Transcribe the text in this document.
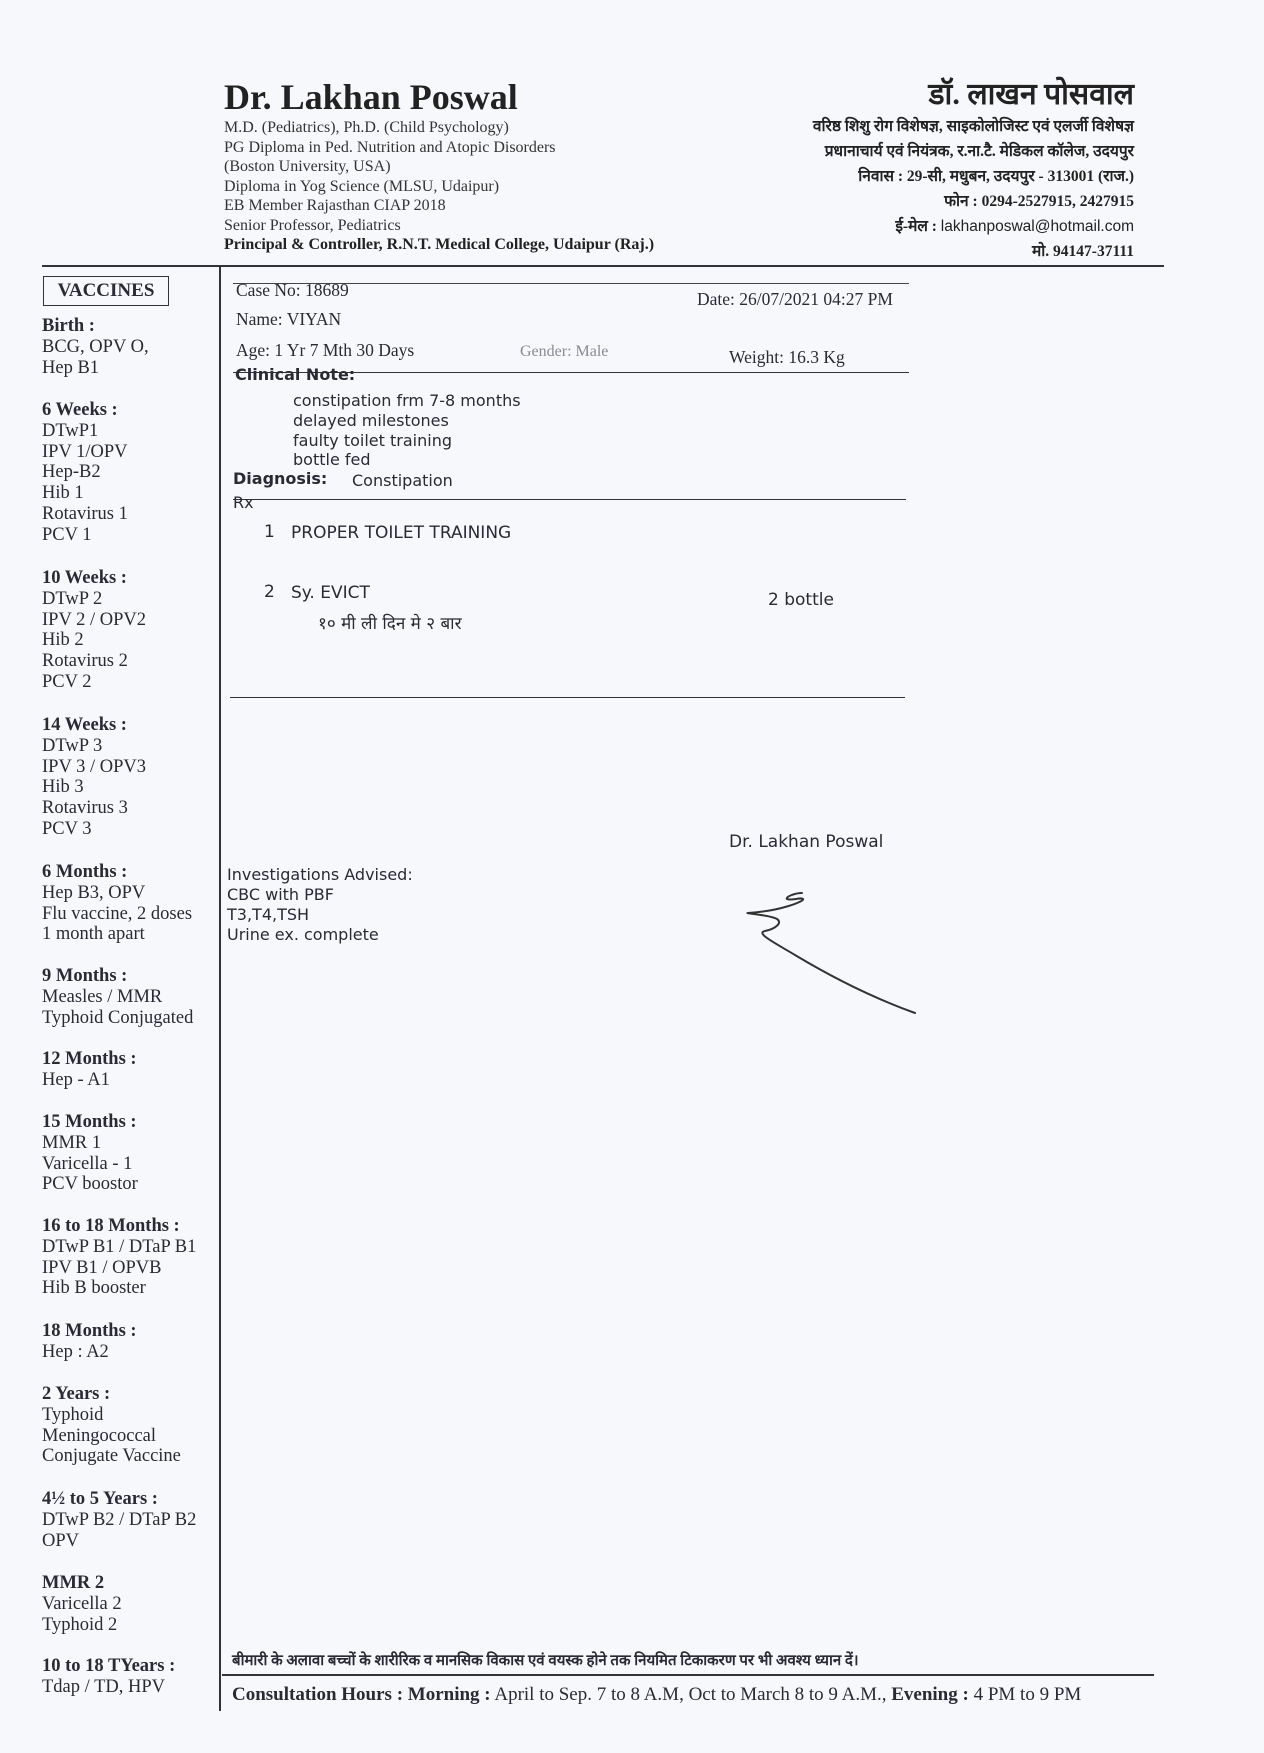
Dr. Lakhan Poswal
M.D. (Pediatrics), Ph.D. (Child Psychology)
PG Diploma in Ped. Nutrition and Atopic Disorders
(Boston University, USA)
Diploma in Yog Science (MLSU, Udaipur)
EB Member Rajasthan CIAP 2018
Senior Professor, Pediatrics
Principal & Controller, R.N.T. Medical College, Udaipur (Raj.)
डॉ. लाखन पोसवाल
वरिष्ठ शिशु रोग विशेषज्ञ, साइकोलोजिस्ट एवं एलर्जी विशेषज्ञ
प्रधानाचार्य एवं नियंत्रक, र.ना.टै. मेडिकल कॉलेज, उदयपुर
निवास : 29-सी, मधुबन, उदयपुर - 313001 (राज.)
फोन : 0294-2527915, 2427915
ई-मेल : lakhanposwal@hotmail.com
मो. 94147-37111
VACCINES
Birth :
BCG, OPV O,
Hep B1
6 Weeks :
DTwP1
IPV 1/OPV
Hep-B2
Hib 1
Rotavirus 1
PCV 1
10 Weeks :
DTwP 2
IPV 2 / OPV2
Hib 2
Rotavirus 2
PCV 2
14 Weeks :
DTwP 3
IPV 3 / OPV3
Hib 3
Rotavirus 3
PCV 3
6 Months :
Hep B3, OPV
Flu vaccine, 2 doses
1 month apart
9 Months :
Measles / MMR
Typhoid Conjugated
12 Months :
Hep - A1
15 Months :
MMR 1
Varicella - 1
PCV boostor
16 to 18 Months :
DTwP B1 / DTaP B1
IPV B1 / OPVB
Hib B booster
18 Months :
Hep : A2
2 Years :
Typhoid
Meningococcal
Conjugate Vaccine
4½ to 5 Years :
DTwP B2 / DTaP B2
OPV
MMR 2
Varicella 2
Typhoid 2
10 to 18 TYears :
Tdap / TD, HPV
Case No: 18689	Date: 26/07/2021 04:27 PM
Name: VIYAN
Age: 1 Yr 7 Mth 30 Days	Gender: Male	Weight: 16.3 Kg
Clinical Note:
constipation frm 7-8 months
delayed milestones
faulty toilet training
bottle fed
Diagnosis: Constipation
Rx
1 PROPER TOILET TRAINING
2 Sy. EVICT	2 bottle
१० मी ली दिन मे २ बार
Dr. Lakhan Poswal
Investigations Advised:
CBC with PBF
T3,T4,TSH
Urine ex. complete
बीमारी के अलावा बच्चों के शारीरिक व मानसिक विकास एवं वयस्क होने तक नियमित टिकाकरण पर भी अवश्य ध्यान दें।
Consultation Hours : Morning : April to Sep. 7 to 8 A.M, Oct to March 8 to 9 A.M., Evening : 4 PM to 9 PM
